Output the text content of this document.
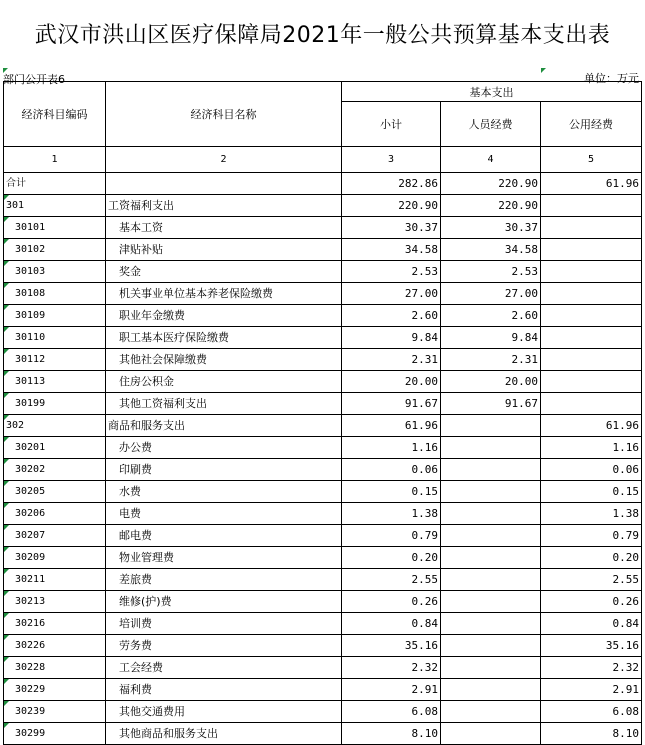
武汉市洪山区医疗保障局2021年一般公共预算基本支出表
部门公开表6	单位：万元
经济科目编码	经济科目名称	基本支出		
		小计	人员经费	公用经费
1	2	3	4	5
合计		282.86	220.90	61.96

301	工资福利支出	220.90	220.90	

30101	基本工资	30.37	30.37	

30102	津贴补贴	34.58	34.58	

30103	奖金	2.53	2.53	

30108	机关事业单位基本养老保险缴费	27.00	27.00	

30109	职业年金缴费	2.60	2.60	

30110	职工基本医疗保险缴费	9.84	9.84	

30112	其他社会保障缴费	2.31	2.31	

30113	住房公积金	20.00	20.00	

30199	其他工资福利支出	91.67	91.67	

302	商品和服务支出	61.96		61.96

30201	办公费	1.16		1.16

30202	印刷费	0.06		0.06

30205	水费	0.15		0.15

30206	电费	1.38		1.38

30207	邮电费	0.79		0.79

30209	物业管理费	0.20		0.20

30211	差旅费	2.55		2.55

30213	维修(护)费	0.26		0.26

30216	培训费	0.84		0.84

30226	劳务费	35.16		35.16

30228	工会经费	2.32		2.32

30229	福利费	2.91		2.91

30239	其他交通费用	6.08		6.08

30299	其他商品和服务支出	8.10		8.10
